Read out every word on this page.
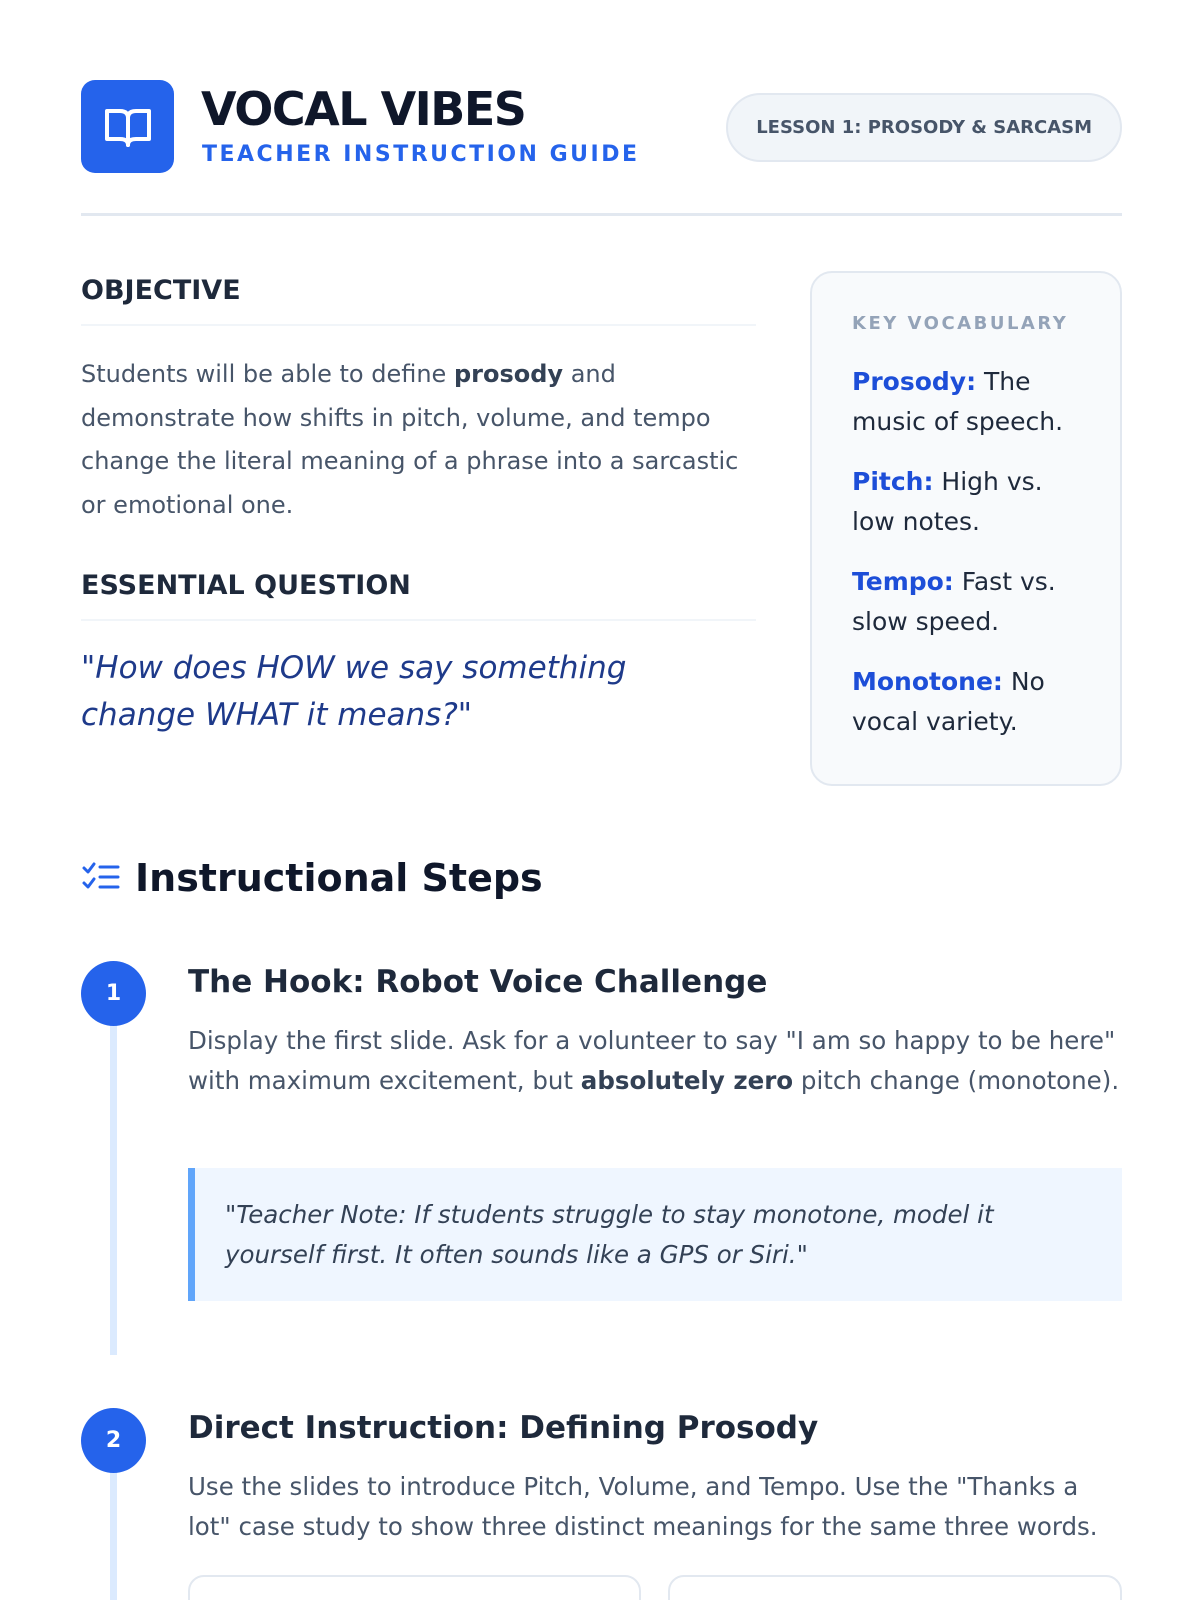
VOCAL VIBES
TEACHER INSTRUCTION GUIDE
LESSON 1: PROSODY & SARCASM
OBJECTIVE
Students will be able to define prosody and demonstrate how shifts in pitch, volume, and tempo change the literal meaning of a phrase into a sarcastic or emotional one.
ESSENTIAL QUESTION
"How does HOW we say something change WHAT it means?"
KEY VOCABULARY
Prosody: The music of speech.
Pitch: High vs. low notes.
Tempo: Fast vs. slow speed.
Monotone: No vocal variety.
Instructional Steps
1	The Hook: Robot Voice Challenge
Display the first slide. Ask for a volunteer to say "I am so happy to be here" with maximum excitement, but absolutely zero pitch change (monotone).
"Teacher Note: If students struggle to stay monotone, model it yourself first. It often sounds like a GPS or Siri."
2	Direct Instruction: Defining Prosody
Use the slides to introduce Pitch, Volume, and Tempo. Use the "Thanks a lot" case study to show three distinct meanings for the same three words.
